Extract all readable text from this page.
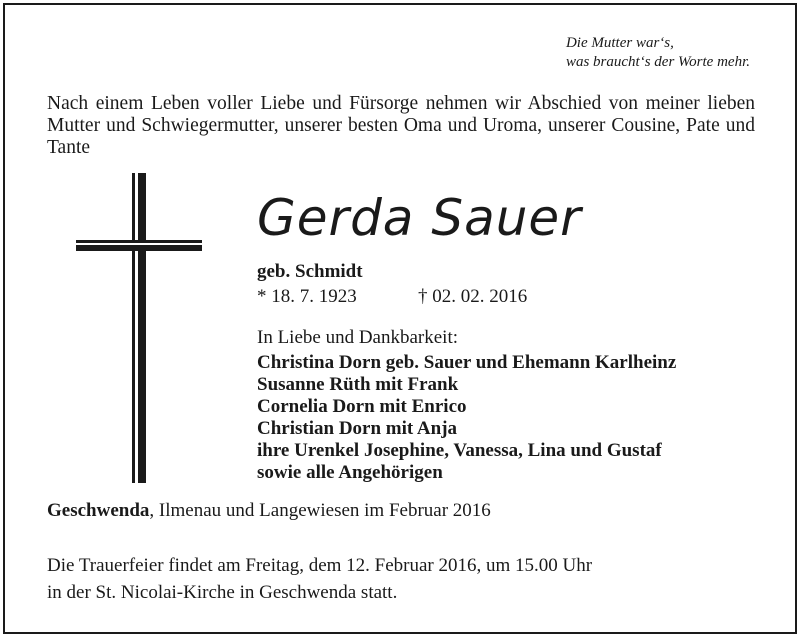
Die Mutter war‘s,
was braucht‘s der Worte mehr.
Nach einem Leben voller Liebe und Fürsorge nehmen wir Abschied von meiner lieben Mutter und Schwiegermutter, unserer besten Oma und Uroma, unserer Cousine, Pate und Tante
Gerda Sauer
geb. Schmidt
* 18. 7. 1923	† 02. 02. 2016
In Liebe und Dankbarkeit:
Christina Dorn geb. Sauer und Ehemann Karlheinz
Susanne Rüth mit Frank
Cornelia Dorn mit Enrico
Christian Dorn mit Anja
ihre Urenkel Josephine, Vanessa, Lina und Gustaf
sowie alle Angehörigen
Geschwenda, Ilmenau und Langewiesen im Februar 2016
Die Trauerfeier findet am Freitag, dem 12. Februar 2016, um 15.00 Uhr
in der St. Nicolai-Kirche in Geschwenda statt.
